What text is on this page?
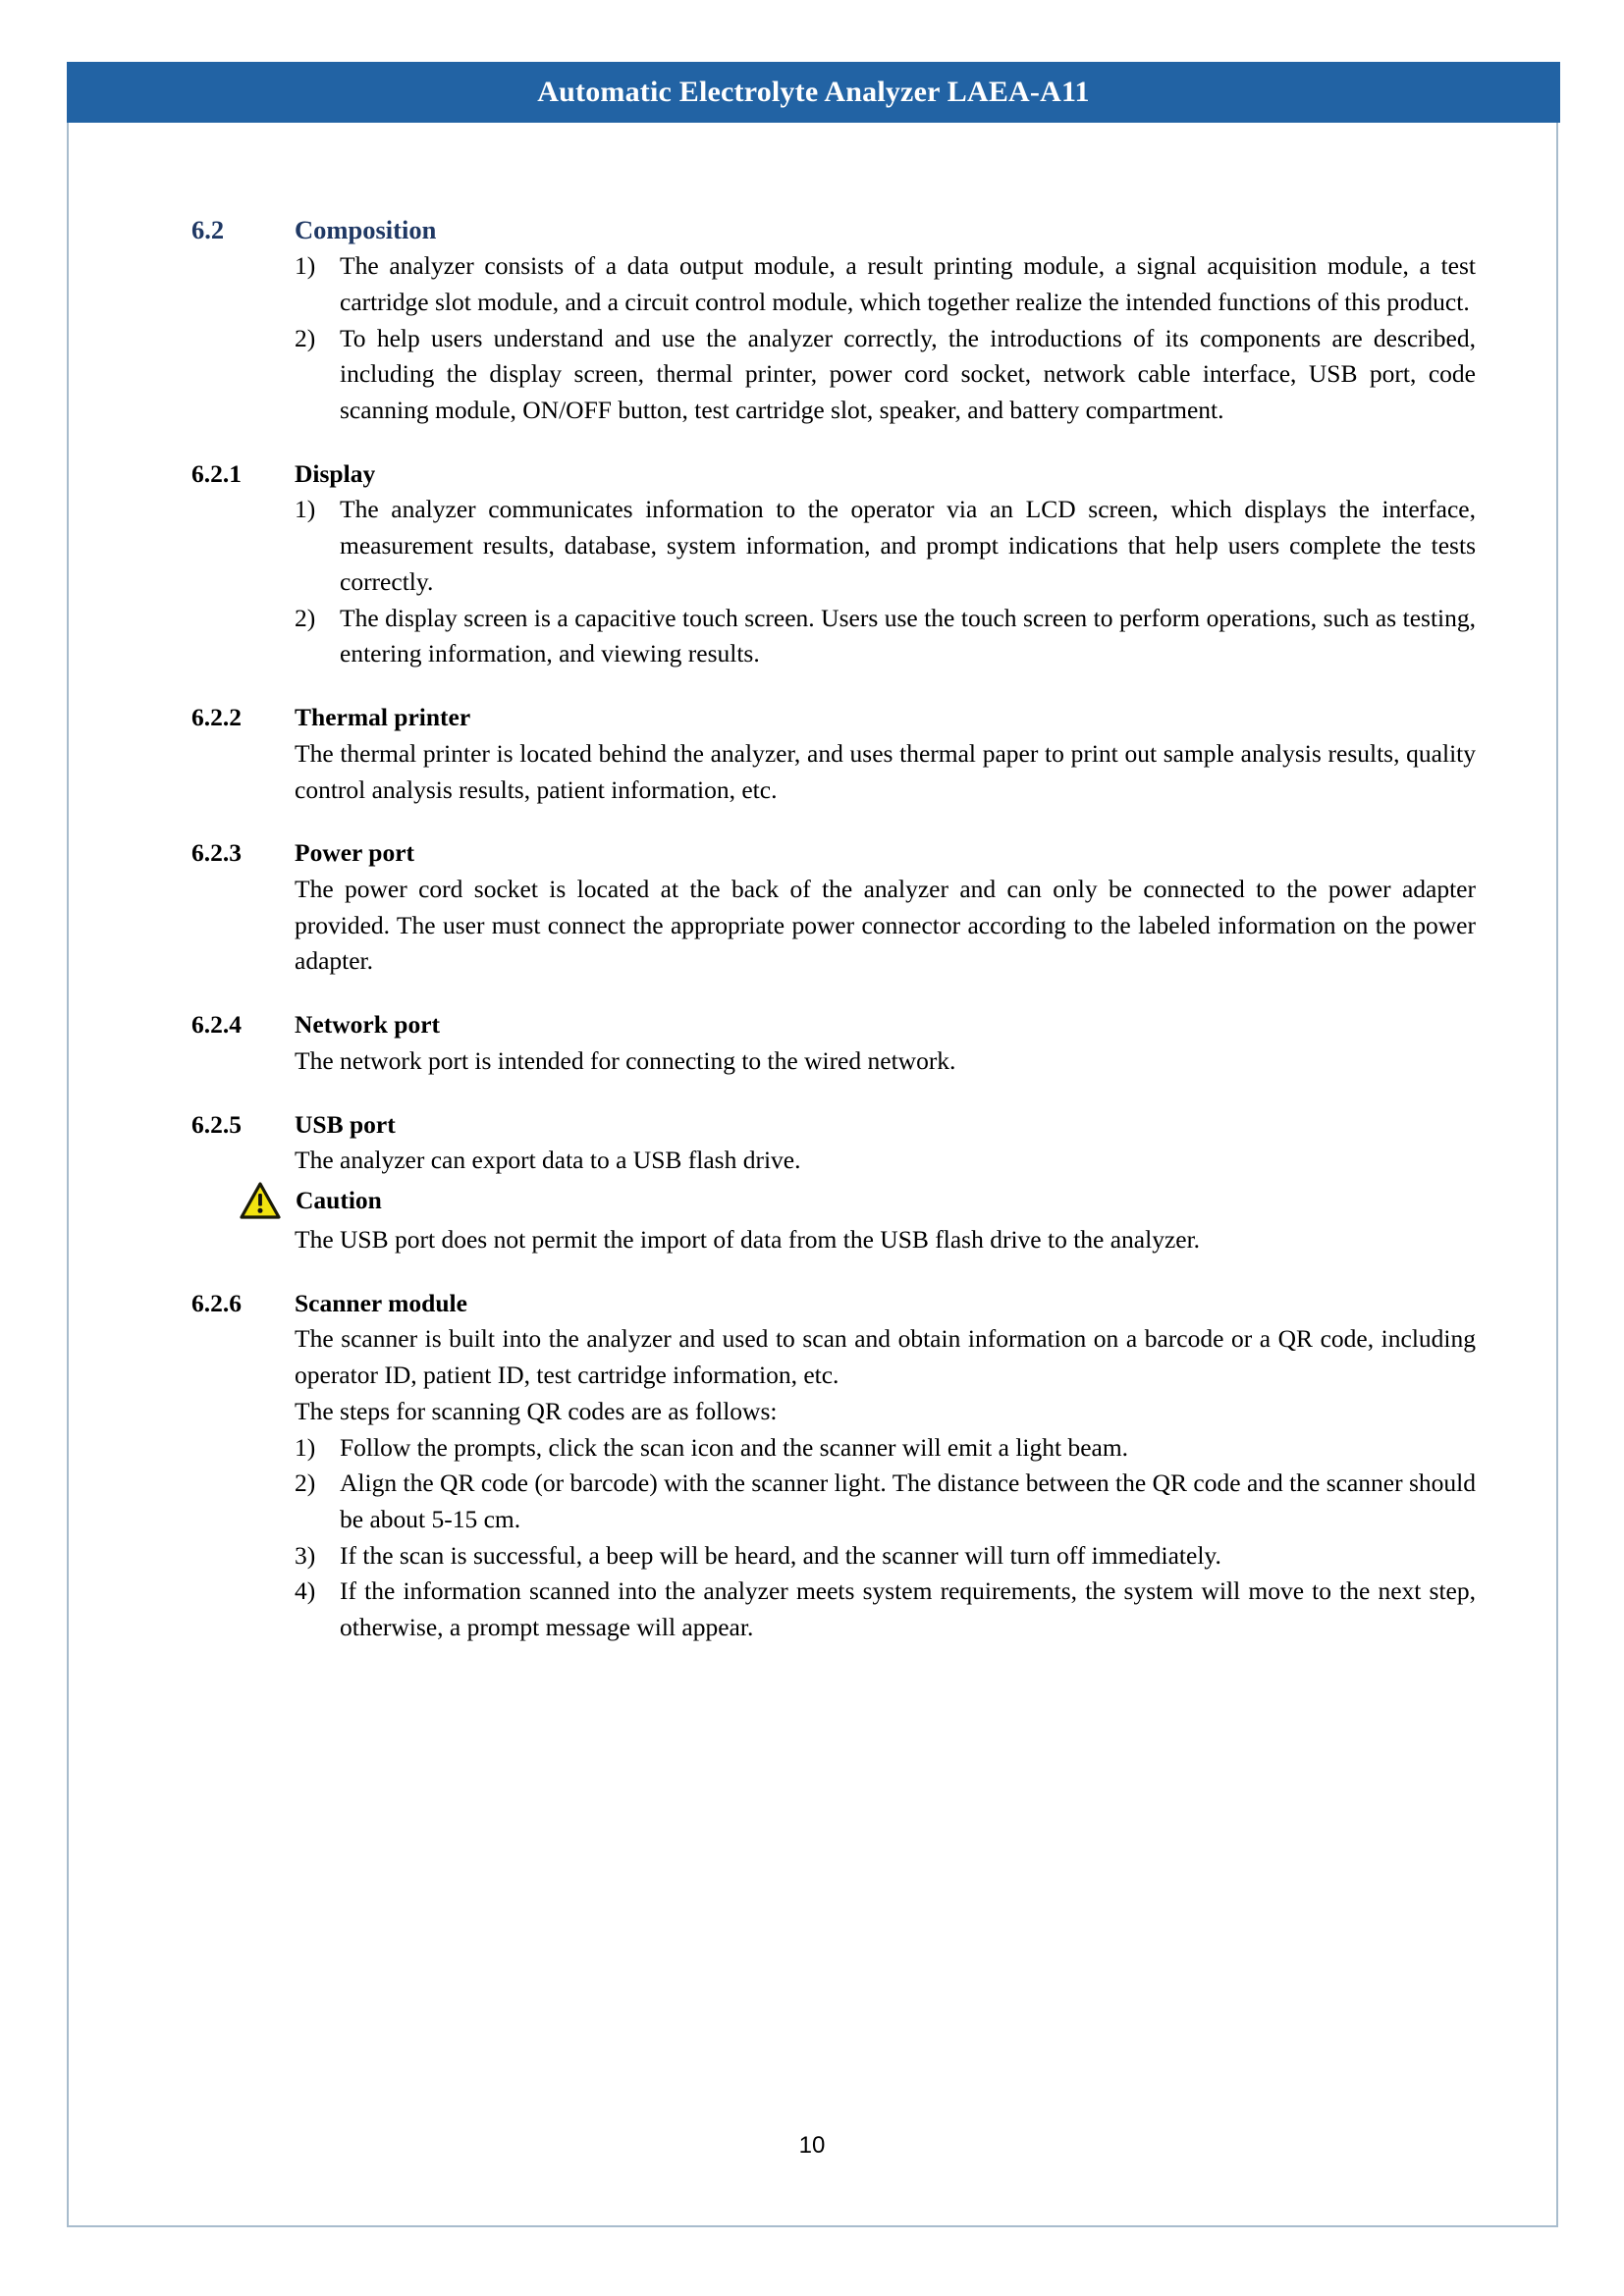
Automatic Electrolyte Analyzer LAEA-A11
6.2	Composition
1) The analyzer consists of a data output module, a result printing module, a signal acquisition module, a test cartridge slot module, and a circuit control module, which together realize the intended functions of this product.
2) To help users understand and use the analyzer correctly, the introductions of its components are described, including the display screen, thermal printer, power cord socket, network cable interface, USB port, code scanning module, ON/OFF button, test cartridge slot, speaker, and battery compartment.
6.2.1	Display
1) The analyzer communicates information to the operator via an LCD screen, which displays the interface, measurement results, database, system information, and prompt indications that help users complete the tests correctly.
2) The display screen is a capacitive touch screen. Users use the touch screen to perform operations, such as testing, entering information, and viewing results.
6.2.2	Thermal printer
The thermal printer is located behind the analyzer, and uses thermal paper to print out sample analysis results, quality control analysis results, patient information, etc.
6.2.3	Power port
The power cord socket is located at the back of the analyzer and can only be connected to the power adapter provided. The user must connect the appropriate power connector according to the labeled information on the power adapter.
6.2.4	Network port
The network port is intended for connecting to the wired network.
6.2.5	USB port
The analyzer can export data to a USB flash drive.
Caution
The USB port does not permit the import of data from the USB flash drive to the analyzer.
6.2.6	Scanner module
The scanner is built into the analyzer and used to scan and obtain information on a barcode or a QR code, including operator ID, patient ID, test cartridge information, etc.
The steps for scanning QR codes are as follows:
1) Follow the prompts, click the scan icon and the scanner will emit a light beam.
2) Align the QR code (or barcode) with the scanner light. The distance between the QR code and the scanner should be about 5-15 cm.
3) If the scan is successful, a beep will be heard, and the scanner will turn off immediately.
4) If the information scanned into the analyzer meets system requirements, the system will move to the next step, otherwise, a prompt message will appear.
10
